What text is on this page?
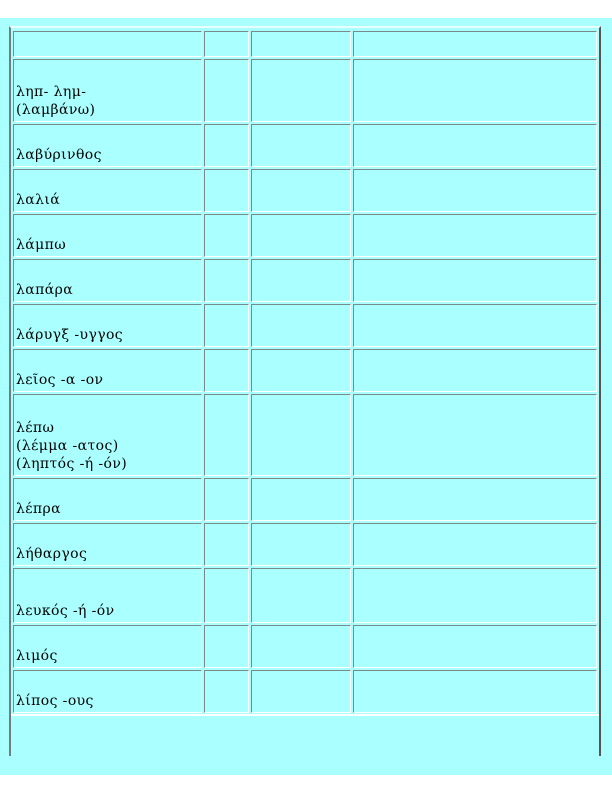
ληπ- λημ-
(λαμβάνω)			

λαβύρινθος			

λαλιά			

λάμπω			

λαπάρα			

λάρυγξ -υγγος			

λεῖος -α -ον			

λέπω
(λέμμα -ατος)
(ληπτός -ή -όν)			

λέπρα			

λήθαργος			

λευκός -ή -όν			

λιμός			

λίπος -ους			
